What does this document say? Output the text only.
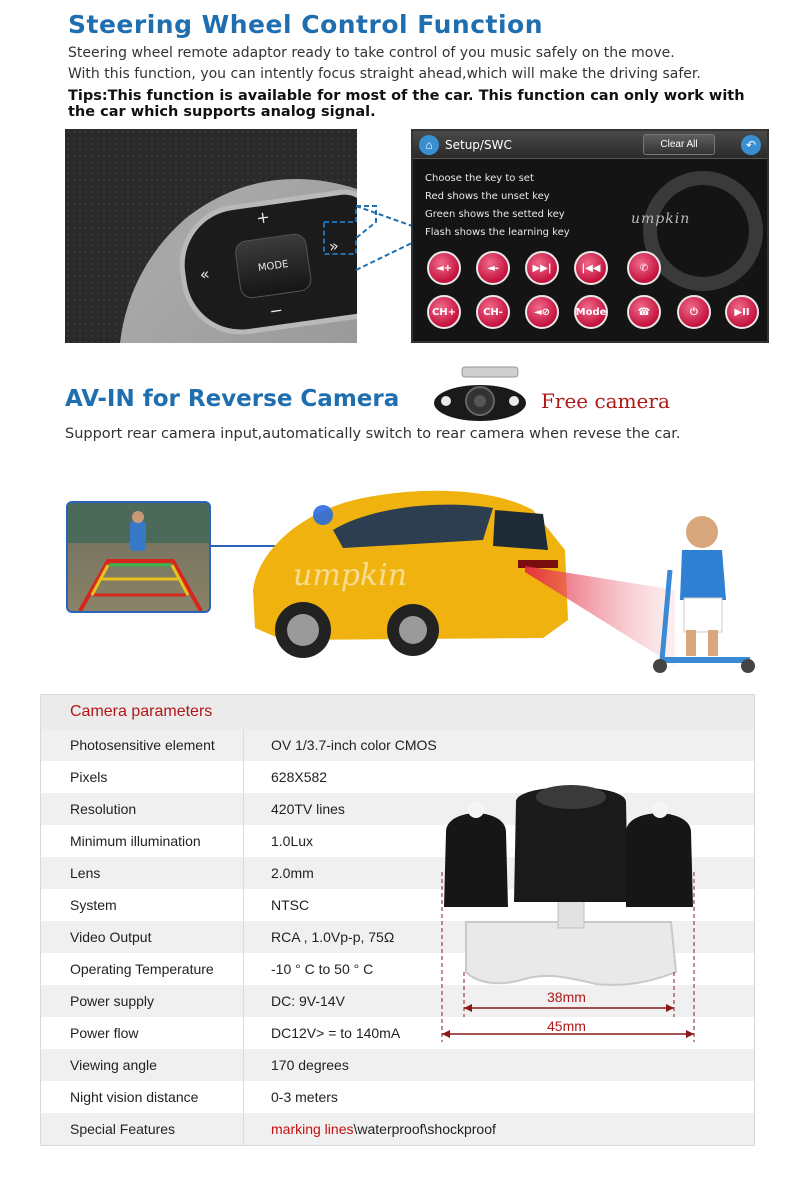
Steering Wheel Control Function
Steering wheel remote adaptor ready to take control of you music safely on the move.
With this function, you can intently focus straight ahead,which will make the driving safer.
Tips:This function is available for most of the car. This function can only work with the car which supports analog signal.
MODE
+
−
«
»
⌂	Setup/SWC	Clear All	↶
Choose the key to set
Red shows the unset key
Green shows the setted key
Flash shows the learning key
umpkin
◄+	◄-	▶▶|	|◀◀	✆
CH+	CH-	◄⊘	Mode	☎	⏻	▶II
AV-IN for Reverse Camera	Free camera
Support rear camera input,automatically switch to rear camera when revese the car.
umpkin
Camera parameters
Photosensitive element	OV 1/3.7-inch color CMOS
Pixels	628X582
Resolution	420TV lines
Minimum illumination	1.0Lux
Lens	2.0mm
System	NTSC
Video Output	RCA , 1.0Vp-p, 75Ω
Operating Temperature	-10 ° C to 50 ° C
Power supply	DC: 9V-14V
Power flow	DC12V> = to 140mA
Viewing angle	170 degrees
Night vision distance	0-3 meters
Special Features	marking lines\waterproof\shockproof
38mm
45mm
